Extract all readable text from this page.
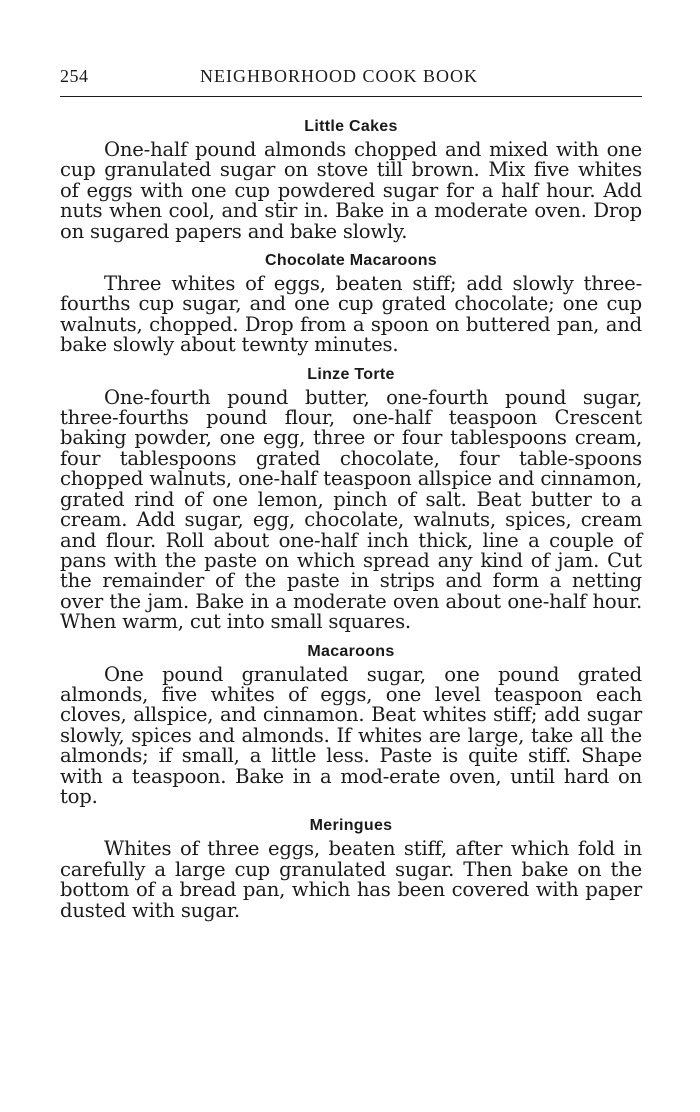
254	NEIGHBORHOOD COOK BOOK
Little Cakes

One-half pound almonds chopped and mixed with one cup granulated sugar on stove till brown. Mix five whites of eggs with one cup powdered sugar for a half hour. Add nuts when cool, and stir in. Bake in a moderate oven. Drop on sugared papers and bake slowly.

Chocolate Macaroons

Three whites of eggs, beaten stiff; add slowly three-fourths cup sugar, and one cup grated chocolate; one cup walnuts, chopped. Drop from a spoon on buttered pan, and bake slowly about tewnty minutes.

Linze Torte

One-fourth pound butter, one-fourth pound sugar, three-fourths pound flour, one-half teaspoon Crescent baking powder, one egg, three or four tablespoons cream, four tablespoons grated chocolate, four table-spoons chopped walnuts, one-half teaspoon allspice and cinnamon, grated rind of one lemon, pinch of salt. Beat butter to a cream. Add sugar, egg, chocolate, walnuts, spices, cream and flour. Roll about one-half inch thick, line a couple of pans with the paste on which spread any kind of jam. Cut the remainder of the paste in strips and form a netting over the jam. Bake in a moderate oven about one-half hour. When warm, cut into small squares.

Macaroons

One pound granulated sugar, one pound grated almonds, five whites of eggs, one level teaspoon each cloves, allspice, and cinnamon. Beat whites stiff; add sugar slowly, spices and almonds. If whites are large, take all the almonds; if small, a little less. Paste is quite stiff. Shape with a teaspoon. Bake in a mod-erate oven, until hard on top.

Meringues

Whites of three eggs, beaten stiff, after which fold in carefully a large cup granulated sugar. Then bake on the bottom of a bread pan, which has been covered with paper dusted with sugar.
